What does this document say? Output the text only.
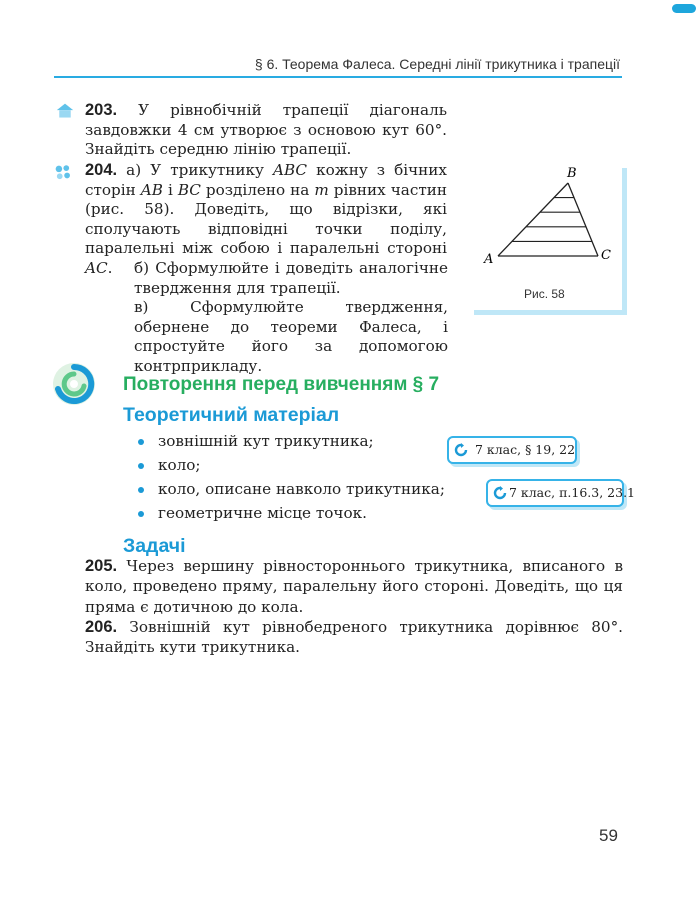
§ 6. Теорема Фалеса. Середні лінії трикутника і трапеції
203. У рівнобічній трапеції діагональ завдовжки 4 см утворює з основою кут 60°. Знайдіть середню лінію трапеції.
204. а) У трикутнику ABC кожну з бічних сторін AB і BC розділено на m рівних частин (рис. 58). Доведіть, що відрізки, які сполучають відповідні точки поділу, паралельні між собою і паралельні стороні AC.	б) Сформулюйте і доведіть аналогічне твердження для трапеції.
в) Сформулюйте твердження, обернене до теореми Фалеса, і спростуйте його за допомогою контрприкладу.
A
B
C
Рис. 58
Повторення перед вивченням § 7
Теоретичний матеріал
зовнішній кут трикутника;
коло;
коло, описане навколо трикутника;
геометричне місце точок.
7 клас, § 19, 22
7 клас, п.16.3, 23.1
Задачі
205. Через вершину рівностороннього трикутника, вписаного в коло, проведено пряму, паралельну його стороні. Доведіть, що ця пряма є дотичною до кола.
206. Зовнішній кут рівнобедреного трикутника дорівнює 80°. Знайдіть кути трикутника.
59
